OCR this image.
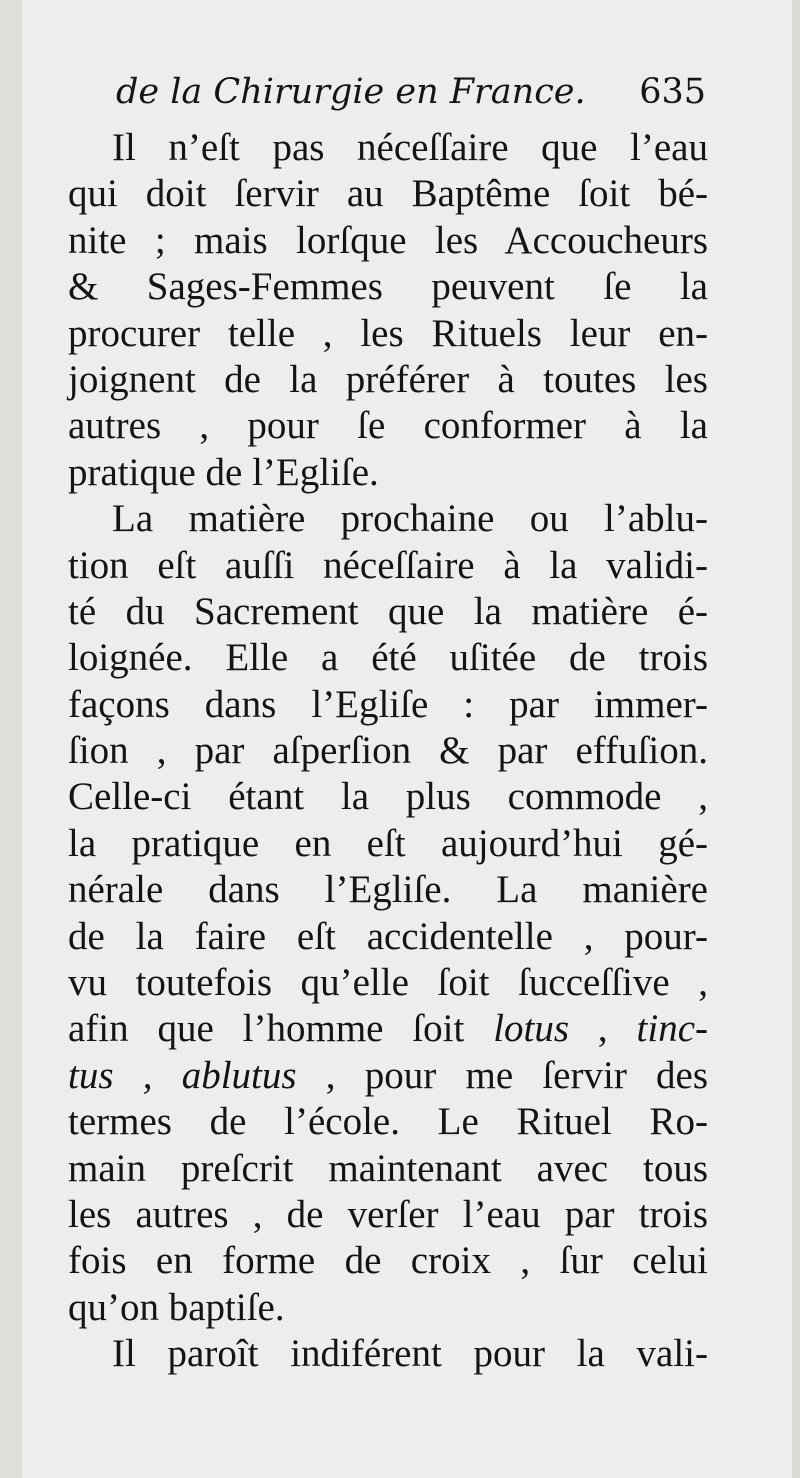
de la Chirurgie en France. 635
Il n’eſt pas néceſſaire que l’eau
qui doit ſervir au Baptême ſoit bé-
nite ; mais lorſque les Accoucheurs
& Sages-Femmes peuvent ſe la
procurer telle , les Rituels leur en-
joignent de la préférer à toutes les
autres , pour ſe conformer à la
pratique de l’Egliſe.
La matière prochaine ou l’ablu-
tion eſt auſſi néceſſaire à la validi-
té du Sacrement que la matière é-
loignée. Elle a été uſitée de trois
façons dans l’Egliſe : par immer-
ſion , par aſperſion & par effuſion.
Celle-ci étant la plus commode ,
la pratique en eſt aujourd’hui gé-
nérale dans l’Egliſe. La manière
de la faire eſt accidentelle , pour-
vu toutefois qu’elle ſoit ſucceſſive ,
afin que l’homme ſoit lotus , tinc-
tus , ablutus , pour me ſervir des
termes de l’école. Le Rituel Ro-
main preſcrit maintenant avec tous
les autres , de verſer l’eau par trois
fois en forme de croix , ſur celui
qu’on baptiſe.
Il paroît indiférent pour la vali-
